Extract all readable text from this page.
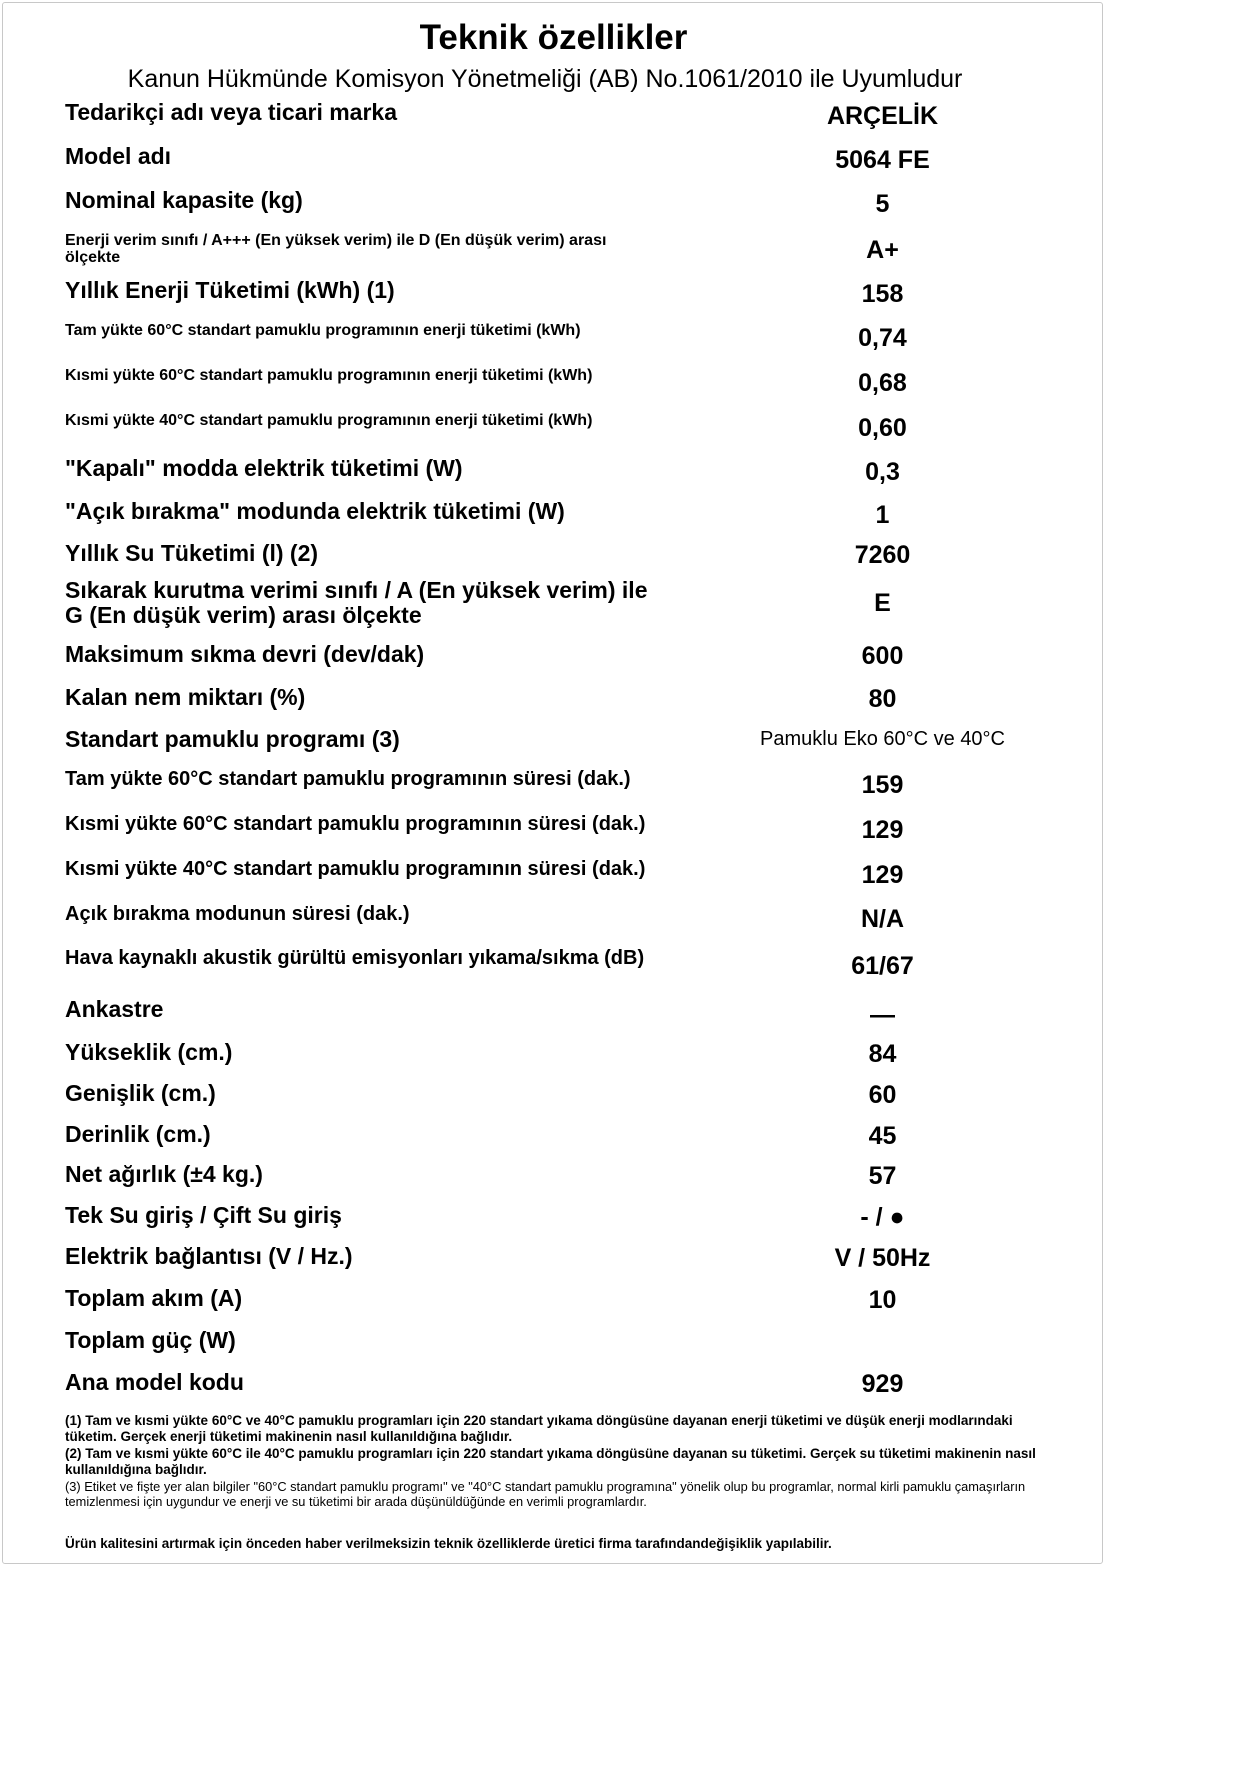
Teknik özellikler
Kanun Hükmünde Komisyon Yönetmeliği (AB) No.1061/2010 ile Uyumludur
Tedarikçi adı veya ticari marka	ARÇELİK
Model adı	5064 FE
Nominal kapasite (kg)	5
Enerji verim sınıfı / A+++ (En yüksek verim) ile D (En düşük verim) arası
ölçekte	A+
Yıllık Enerji Tüketimi (kWh) (1)	158
Tam yükte 60°C standart pamuklu programının enerji tüketimi (kWh)	0,74
Kısmi yükte 60°C standart pamuklu programının enerji tüketimi (kWh)	0,68
Kısmi yükte 40°C standart pamuklu programının enerji tüketimi (kWh)	0,60
"Kapalı" modda elektrik tüketimi (W)	0,3
"Açık bırakma" modunda elektrik tüketimi (W)	1
Yıllık Su Tüketimi (l) (2)	7260
Sıkarak kurutma verimi sınıfı / A (En yüksek verim) ile
G (En düşük verim) arası ölçekte	E
Maksimum sıkma devri (dev/dak)	600
Kalan nem miktarı (%)	80
Standart pamuklu programı (3)	Pamuklu Eko 60°C ve 40°C
Tam yükte 60°C standart pamuklu programının süresi (dak.)	159
Kısmi yükte 60°C standart pamuklu programının süresi (dak.)	129
Kısmi yükte 40°C standart pamuklu programının süresi (dak.)	129
Açık bırakma modunun süresi (dak.)	N/A
Hava kaynaklı akustik gürültü emisyonları yıkama/sıkma (dB)	61/67
Ankastre	—
Yükseklik (cm.)	84
Genişlik (cm.)	60
Derinlik (cm.)	45
Net ağırlık (±4 kg.)	57
Tek Su giriş / Çift Su giriş	- / ●
Elektrik bağlantısı (V / Hz.)	V / 50Hz
Toplam akım (A)	10
Toplam güç (W)
Ana model kodu	929

(1) Tam ve kısmi yükte 60°C ve 40°C pamuklu programları için 220 standart yıkama döngüsüne dayanan enerji tüketimi ve düşük enerji modlarındaki tüketim. Gerçek enerji tüketimi makinenin nasıl kullanıldığına bağlıdır.

(2) Tam ve kısmi yükte 60°C ile 40°C pamuklu programları için 220 standart yıkama döngüsüne dayanan su tüketimi. Gerçek su tüketimi makinenin nasıl kullanıldığına bağlıdır.

(3) Etiket ve fişte yer alan bilgiler "60°C standart pamuklu programı" ve "40°C standart pamuklu programına" yönelik olup bu programlar, normal kirli pamuklu çamaşırların temizlenmesi için uygundur ve enerji ve su tüketimi bir arada düşünüldüğünde en verimli programlardır.

Ürün kalitesini artırmak için önceden haber verilmeksizin teknik özelliklerde üretici firma tarafındandeğişiklik yapılabilir.
